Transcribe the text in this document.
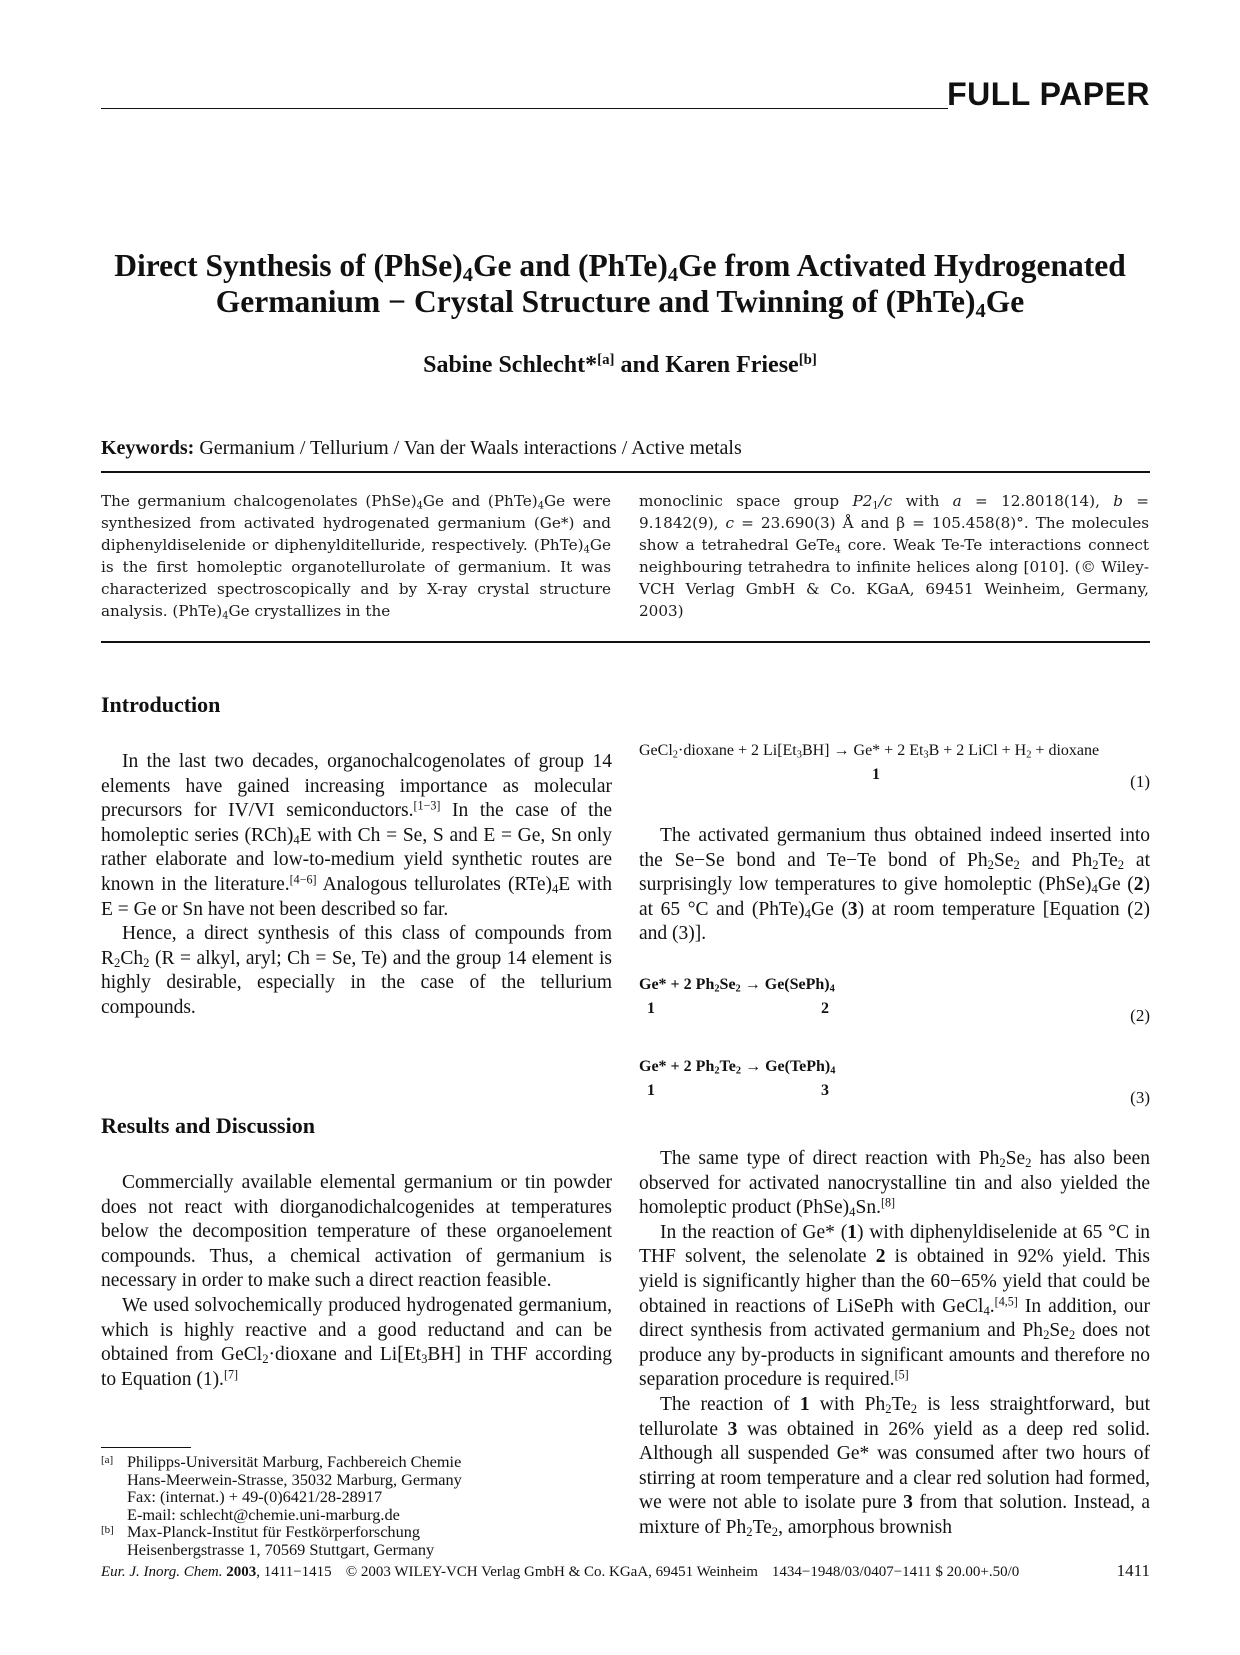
FULL PAPER
Direct Synthesis of $(PhSe)_4Ge$ and $(PhTe)_4Ge$ from Activated Hydrogenated
Germanium − Crystal Structure and Twinning of $(PhTe)_4Ge$
Sabine Schlecht*[a] and Karen Friese[b]
Keywords: Germanium / Tellurium / Van der Waals interactions / Active metals
The germanium chalcogenolates $(PhSe)_4Ge$ and $(PhTe)_4Ge$ were synthesized from activated hydrogenated germanium (Ge*) and diphenyldiselenide or diphenylditelluride, respectively. $(PhTe)_4Ge$ is the first homoleptic organotellurolate of germanium. It was characterized spectroscopically and by X-ray crystal structure analysis. $(PhTe)_4Ge$ crystallizes in the
monoclinic space group $P2_1/c$ with a = 12.8018(14), b = 9.1842(9), c = 23.690(3) Å and β = 105.458(8)°. The molecules show a tetrahedral GeTe$_4$ core. Weak Te-Te interactions connect neighbouring tetrahedra to infinite helices along [010]. (© Wiley-VCH Verlag GmbH & Co. KGaA, 69451 Weinheim, Germany, 2003)
Introduction

In the last two decades, organochalcogenolates of group 14 elements have gained increasing importance as molecular precursors for IV/VI semiconductors.[1−3] In the case of the homoleptic series $(RCh)_4E$ with Ch = Se, S and E = Ge, Sn only rather elaborate and low-to-medium yield synthetic routes are known in the literature.[4−6] Analogous tellurolates $(RTe)_4E$ with E = Ge or Sn have not been described so far.

Hence, a direct synthesis of this class of compounds from $R_2Ch_2$ (R = alkyl, aryl; Ch = Se, Te) and the group 14 element is highly desirable, especially in the case of the tellurium compounds.

Results and Discussion

Commercially available elemental germanium or tin powder does not react with diorganodichalcogenides at temperatures below the decomposition temperature of these organoelement compounds. Thus, a chemical activation of germanium is necessary in order to make such a direct reaction feasible.

We used solvochemically produced hydrogenated germanium, which is highly reactive and a good reductand and can be obtained from GeCl$_2$·dioxane and $Li[Et_3BH]$ in THF according to Equation (1).[7]

GeCl$_2$·dioxane + 2 $Li[Et_3BH] \to Ge* + 2$ $Et_3B + 2$ LiCl + $H_2$ + dioxane
1	(1)

The activated germanium thus obtained indeed inserted into the Se−Se bond and Te−Te bond of $Ph_2Se_2$ and $Ph_2Te_2$ at surprisingly low temperatures to give homoleptic $(PhSe)_4Ge$ (2) at 65 °C and $(PhTe)_4Ge$ (3) at room temperature [Equation (2) and (3)].

Ge* + 2 $Ph_2Se_2$ → $Ge(SePh)_4$
1	2	(2)
Ge* + 2 $Ph_2Te_2$ → $Ge(TePh)_4$
1	3	(3)

The same type of direct reaction with $Ph_2Se_2$ has also been observed for activated nanocrystalline tin and also yielded the homoleptic product $(PhSe)_4Sn.[8]$

In the reaction of Ge* (1) with diphenyldiselenide at 65 °C in THF solvent, the selenolate 2 is obtained in 92% yield. This yield is significantly higher than the 60−65% yield that could be obtained in reactions of LiSePh with GeCl$_4$.[4,5] In addition, our direct synthesis from activated germanium and $Ph_2Se_2$ does not produce any by-products in significant amounts and therefore no separation procedure is required.[5]

The reaction of 1 with $Ph_2Te_2$ is less straightforward, but tellurolate 3 was obtained in 26% yield as a deep red solid. Although all suspended Ge* was consumed after two hours of stirring at room temperature and a clear red solution had formed, we were not able to isolate pure 3 from that solution. Instead, a mixture of $Ph_2Te_2$, amorphous brownish

[a] Philipps-Universität Marburg, Fachbereich Chemie
Hans-Meerwein-Strasse, 35032 Marburg, Germany
Fax: (internat.) + 49-(0)6421/28-28917
E-mail: schlecht@chemie.uni-marburg.de
[b] Max-Planck-Institut für Festkörperforschung
Heisenbergstrasse 1, 70569 Stuttgart, Germany
Eur. J. Inorg. Chem. 2003, 1411−1415 © 2003 WILEY-VCH Verlag GmbH & Co. KGaA, 69451 Weinheim 1434−1948/03/0407−1411 $ 20.00+.50/0	1411
